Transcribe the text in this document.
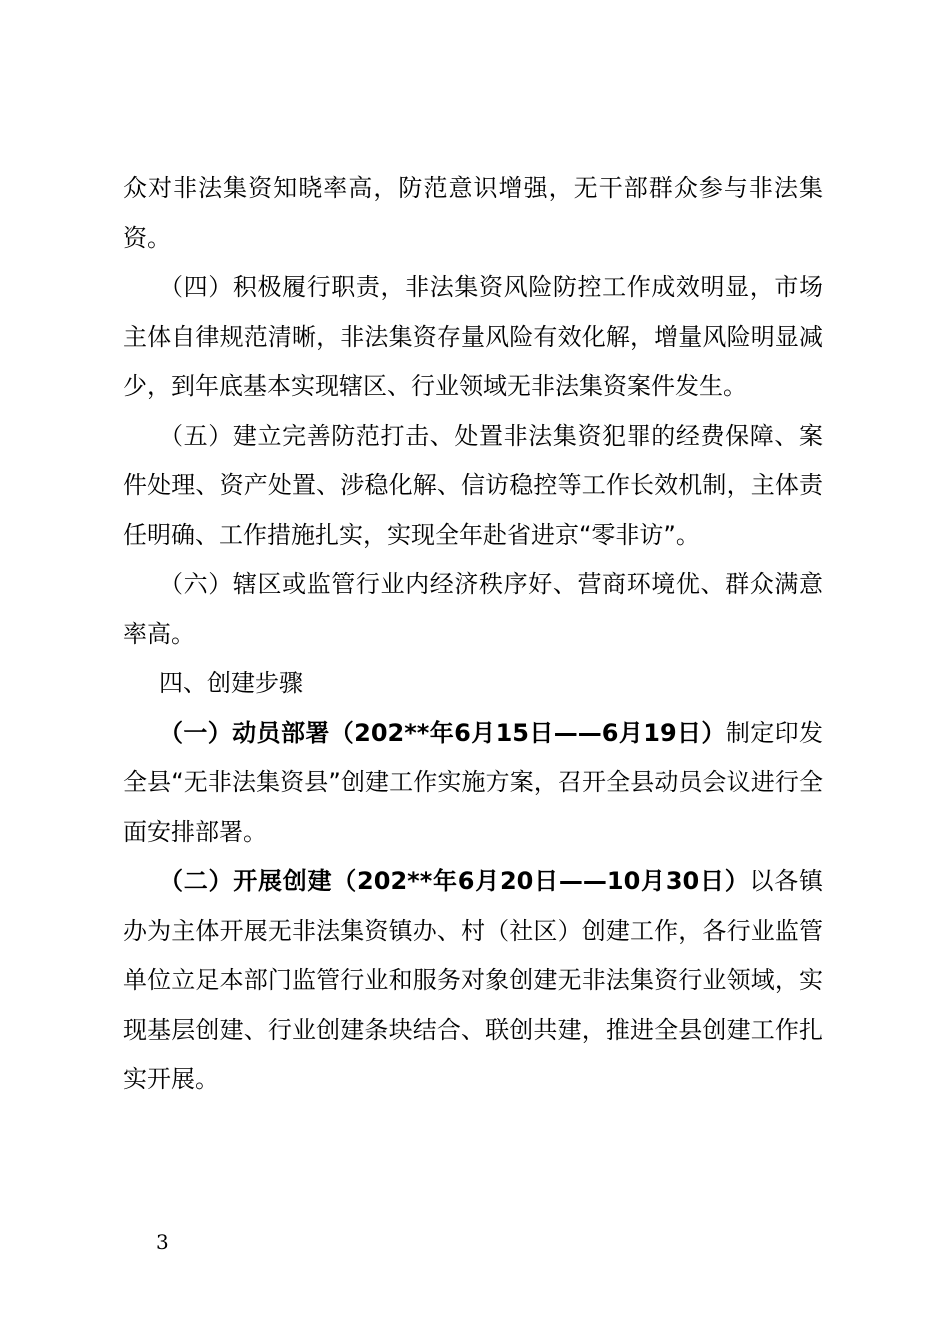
众对非法集资知晓率高，防范意识增强，无干部群众参与非法集资。

（四）积极履行职责，非法集资风险防控工作成效明显，市场主体自律规范清晰，非法集资存量风险有效化解，增量风险明显减少，到年底基本实现辖区、行业领域无非法集资案件发生。

（五）建立完善防范打击、处置非法集资犯罪的经费保障、案件处理、资产处置、涉稳化解、信访稳控等工作长效机制，主体责任明确、工作措施扎实，实现全年赴省进京“零非访”。

（六）辖区或监管行业内经济秩序好、营商环境优、群众满意率高。

四、创建步骤

（一）动员部署（202**年6月15日——6月19日）制定印发全县“无非法集资县”创建工作实施方案，召开全县动员会议进行全面安排部署。

（二）开展创建（202**年6月20日——10月30日）以各镇办为主体开展无非法集资镇办、村（社区）创建工作，各行业监管单位立足本部门监管行业和服务对象创建无非法集资行业领域，实现基层创建、行业创建条块结合、联创共建，推进全县创建工作扎实开展。

3
